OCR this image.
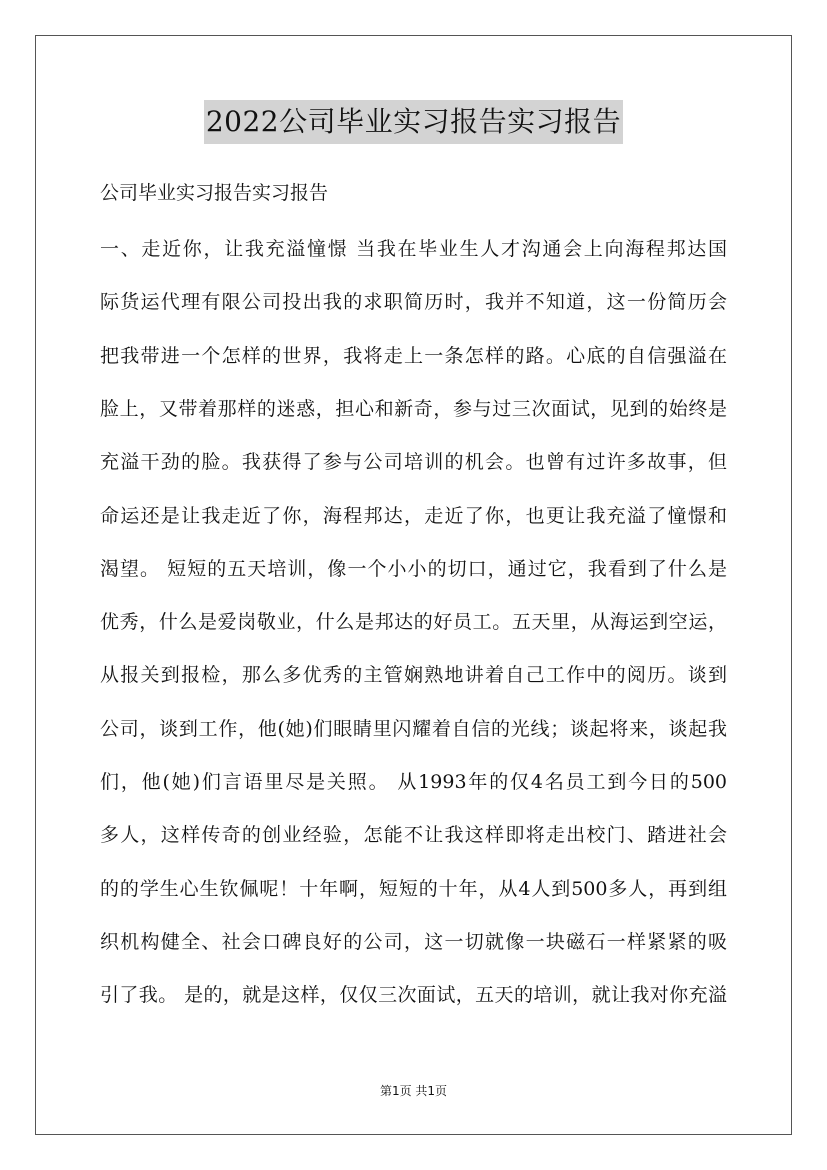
2022公司毕业实习报告实习报告
公司毕业实习报告实习报告
一、走近你，让我充溢憧憬 当我在毕业生人才沟通会上向海程邦达国
际货运代理有限公司投出我的求职简历时，我并不知道，这一份简历会
把我带进一个怎样的世界，我将走上一条怎样的路。心底的自信强溢在
脸上，又带着那样的迷惑，担心和新奇，参与过三次面试，见到的始终是
充溢干劲的脸。我获得了参与公司培训的机会。也曾有过许多故事，但
命运还是让我走近了你，海程邦达，走近了你，也更让我充溢了憧憬和
渴望。 短短的五天培训，像一个小小的切口，通过它，我看到了什么是
优秀，什么是爱岗敬业，什么是邦达的好员工。五天里，从海运到空运，
从报关到报检，那么多优秀的主管娴熟地讲着自己工作中的阅历。谈到
公司，谈到工作，他(她)们眼睛里闪耀着自信的光线；谈起将来，谈起我
们，他(她)们言语里尽是关照。 从1993年的仅4名员工到今日的500
多人，这样传奇的创业经验，怎能不让我这样即将走出校门、踏进社会
的的学生心生钦佩呢！十年啊，短短的十年，从4人到500多人，再到组
织机构健全、社会口碑良好的公司，这一切就像一块磁石一样紧紧的吸
引了我。 是的，就是这样，仅仅三次面试，五天的培训，就让我对你充溢
第1页 共1页
